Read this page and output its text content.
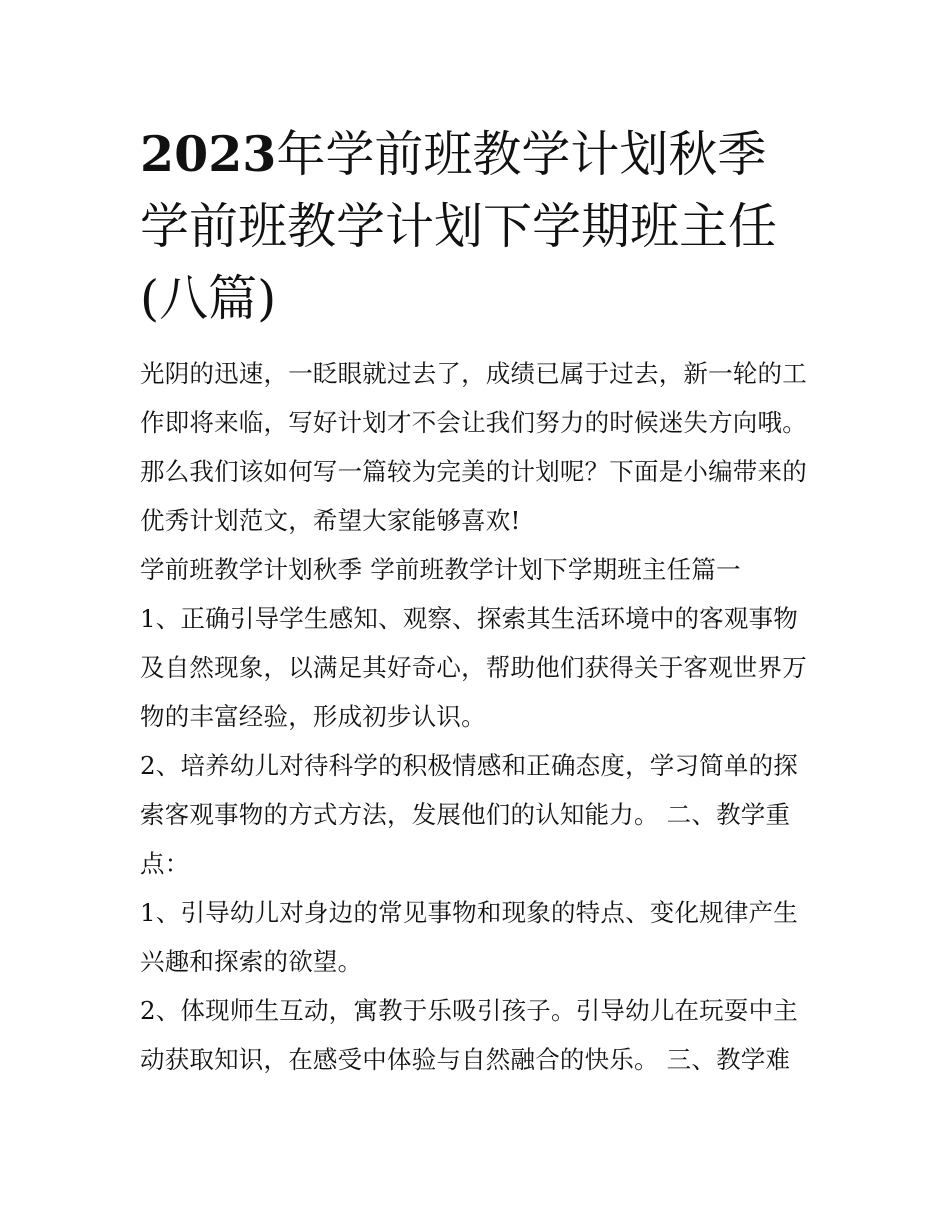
2023年学前班教学计划秋季
学前班教学计划下学期班主任
(八篇)

光阴的迅速，一眨眼就过去了，成绩已属于过去，新一轮的工作即将来临，写好计划才不会让我们努力的时候迷失方向哦。那么我们该如何写一篇较为完美的计划呢？下面是小编带来的优秀计划范文，希望大家能够喜欢!

学前班教学计划秋季 学前班教学计划下学期班主任篇一

1、正确引导学生感知、观察、探索其生活环境中的客观事物及自然现象，以满足其好奇心，帮助他们获得关于客观世界万物的丰富经验，形成初步认识。

2、培养幼儿对待科学的积极情感和正确态度，学习简单的探索客观事物的方式方法，发展他们的认知能力。 二、教学重点：

1、引导幼儿对身边的常见事物和现象的特点、变化规律产生兴趣和探索的欲望。

2、体现师生互动，寓教于乐吸引孩子。引导幼儿在玩耍中主动获取知识，在感受中体验与自然融合的快乐。 三、教学难
